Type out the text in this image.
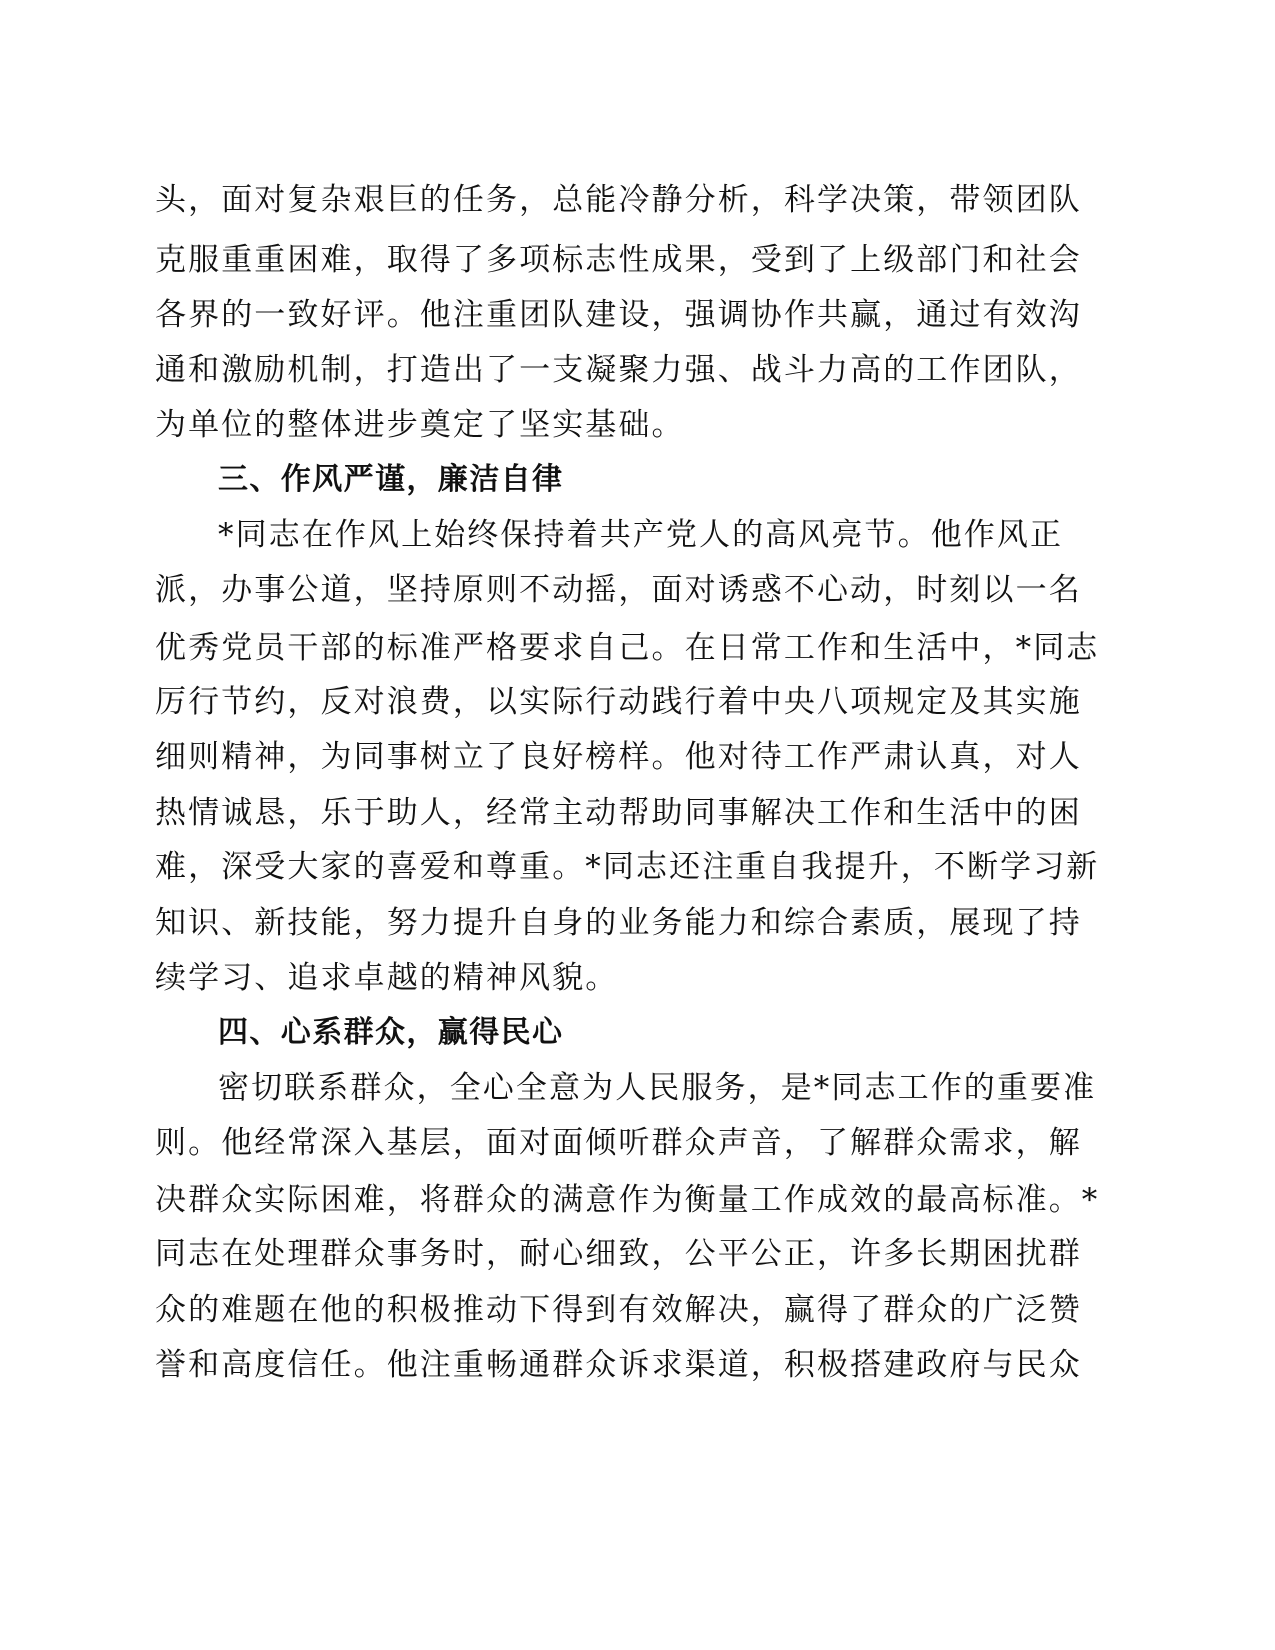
头，面对复杂艰巨的任务，总能冷静分析，科学决策，带领团队
克服重重困难，取得了多项标志性成果，受到了上级部门和社会
各界的一致好评。他注重团队建设，强调协作共赢，通过有效沟
通和激励机制，打造出了一支凝聚力强、战斗力高的工作团队，
为单位的整体进步奠定了坚实基础。
三、作风严谨，廉洁自律
*同志在作风上始终保持着共产党人的高风亮节。他作风正
派，办事公道，坚持原则不动摇，面对诱惑不心动，时刻以一名
优秀党员干部的标准严格要求自己。在日常工作和生活中，*同志
厉行节约，反对浪费，以实际行动践行着中央八项规定及其实施
细则精神，为同事树立了良好榜样。他对待工作严肃认真，对人
热情诚恳，乐于助人，经常主动帮助同事解决工作和生活中的困
难，深受大家的喜爱和尊重。*同志还注重自我提升，不断学习新
知识、新技能，努力提升自身的业务能力和综合素质，展现了持
续学习、追求卓越的精神风貌。
四、心系群众，赢得民心
密切联系群众，全心全意为人民服务，是*同志工作的重要准
则。他经常深入基层，面对面倾听群众声音，了解群众需求，解
决群众实际困难，将群众的满意作为衡量工作成效的最高标准。*
同志在处理群众事务时，耐心细致，公平公正，许多长期困扰群
众的难题在他的积极推动下得到有效解决，赢得了群众的广泛赞
誉和高度信任。他注重畅通群众诉求渠道，积极搭建政府与民众
